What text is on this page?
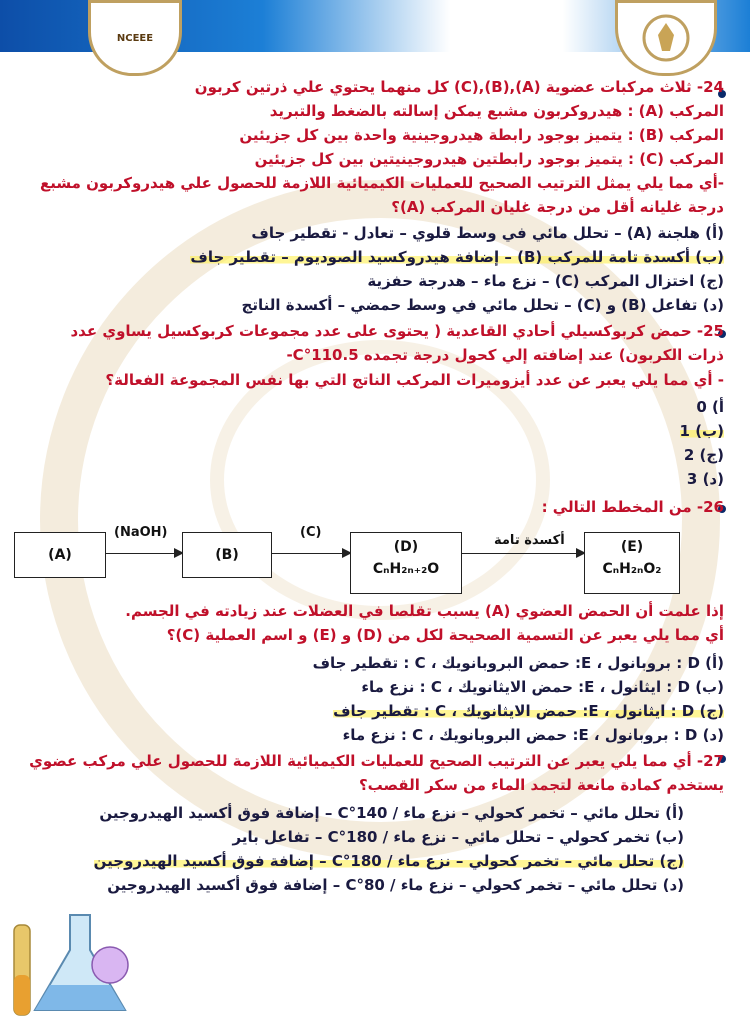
NCEEE
24- ثلاث مركبات عضوية (A),(B),(C) كل منهما يحتوي علي ذرتين كربون
المركب (A) : هيدروكربون مشبع يمكن إسالته بالضغط والتبريد
المركب (B) : يتميز بوجود رابطة هيدروجينية واحدة بين كل جزيئين
المركب (C) : يتميز بوجود رابطتين هيدروجينيتين بين كل جزيئين
-أي مما يلي يمثل الترتيب الصحيح للعمليات الكيميائية اللازمة للحصول علي هيدروكربون مشبع
درجة غليانه أقل من درجة غليان المركب (A)؟
(أ) هلجنة (A) – تحلل مائي في وسط قلوي – تعادل - تقطير جاف
(ب) أكسدة تامة للمركب (B) – إضافة هيدروكسيد الصوديوم – تقطير جاف
(ج) اختزال المركب (C) – نزع ماء – هدرجة حفزية
(د) تفاعل (B) و (C) – تحلل مائي في وسط حمضي – أكسدة الناتج
25- حمض كربوكسيلي أحادي القاعدية ( يحتوى على عدد مجموعات كربوكسيل يساوي عدد
ذرات الكربون) عند إضافته إلي كحول درجة تجمده 110.5°C-
- أي مما يلي يعبر عن عدد أيزوميرات المركب الناتج التي بها نفس المجموعة الفعالة؟
أ) 0
(ب) 1
(ج) 2
(د) 3
26- من المخطط التالي :
(A)
(NaOH)
(B)
(C)
(D)
CₙH₂ₙ₊₂O
أكسدة تامة	(E)
CₙH₂ₙO₂
إذا علمت أن الحمض العضوي (A) يسبب تقلصا في العضلات عند زيادته في الجسم.
أي مما يلي يعبر عن التسمية الصحيحة لكل من (D) و (E) و اسم العملية (C)؟
(أ) D : بروبانول ، E: حمض البروبانويك ، C : تقطير جاف
(ب) D : ايثانول ، E: حمض الايثانويك ، C : نزع ماء
(ج) D : ايثانول ، E: حمض الايثانويك ، C : تقطير جاف
(د) D : بروبانول ، E: حمض البروبانويك ، C : نزع ماء
27- أي مما يلي يعبر عن الترتيب الصحيح للعمليات الكيميائية اللازمة للحصول علي مركب عضوي
يستخدم كمادة مانعة لتجمد الماء من سكر القصب؟
(أ) تحلل مائي – تخمر كحولي – نزع ماء / 140°C – إضافة فوق أكسيد الهيدروجين
(ب) تخمر كحولي – تحلل مائي – نزع ماء / 180°C – تفاعل باير
(ج) تحلل مائي – تخمر كحولي – نزع ماء / 180°C – إضافة فوق أكسيد الهيدروجين
(د) تحلل مائي – تخمر كحولي – نزع ماء / 80°C – إضافة فوق أكسيد الهيدروجين
